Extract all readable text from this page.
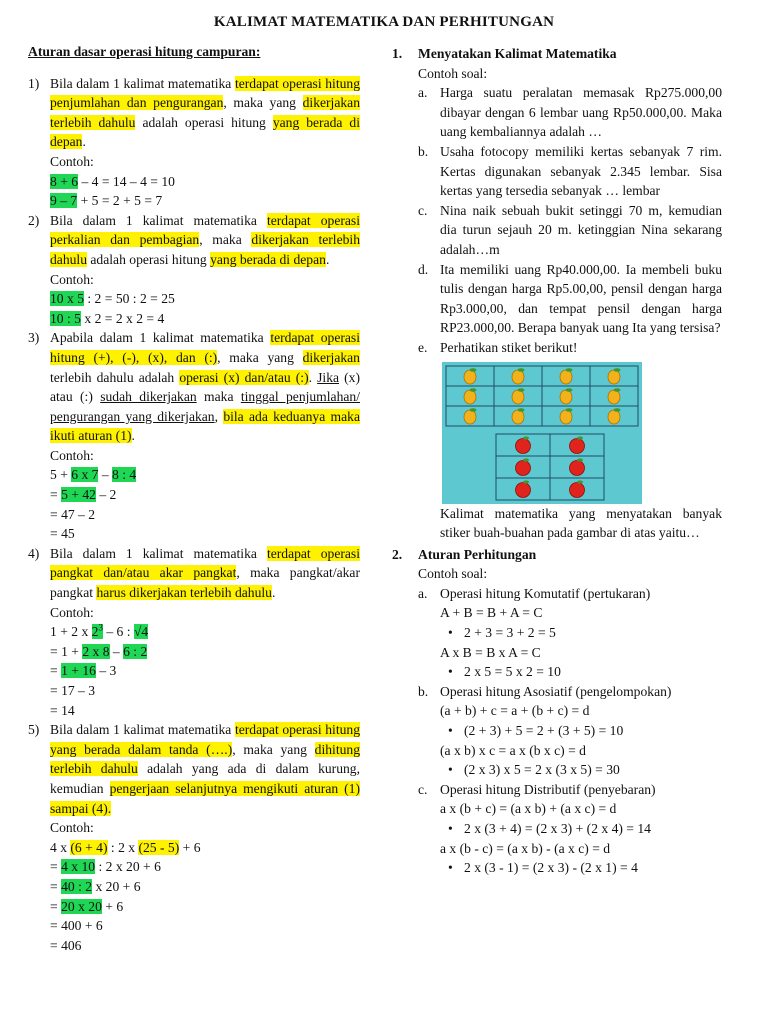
KALIMAT MATEMATIKA DAN PERHITUNGAN

Aturan dasar operasi hitung campuran:

1) Bila dalam 1 kalimat matematika terdapat operasi hitung penjumlahan dan pengurangan, maka yang dikerjakan terlebih dahulu adalah operasi hitung yang berada di depan.

Contoh:

8 + 6 – 4 = 14 – 4 = 10

9 – 7 + 5 = 2 + 5 = 7

2) Bila dalam 1 kalimat matematika terdapat operasi perkalian dan pembagian, maka dikerjakan terlebih dahulu adalah operasi hitung yang berada di depan.

Contoh:

10 x 5 : 2 = 50 : 2 = 25

10 : 5 x 2 = 2 x 2 = 4

3) Apabila dalam 1 kalimat matematika terdapat operasi hitung (+), (-), (x), dan (:), maka yang dikerjakan terlebih dahulu adalah operasi (x) dan/atau (:). Jika (x) atau (:) sudah dikerjakan maka tinggal penjumlahan/ pengurangan yang dikerjakan, bila ada keduanya maka ikuti aturan (1).

Contoh:

5 + 6 x 7 – 8 : 4

= 5 + 42 – 2

= 47 – 2

= 45

4) Bila dalam 1 kalimat matematika terdapat operasi pangkat dan/atau akar pangkat, maka pangkat/akar pangkat harus dikerjakan terlebih dahulu.

Contoh:

1 + 2 x $2^3 - 6$ : √4

= 1 + 2 x 8 – 6 : 2

= 1 + 16 – 3

= 17 – 3

= 14

5) Bila dalam 1 kalimat matematika terdapat operasi hitung yang berada dalam tanda (….), maka yang dihitung terlebih dahulu adalah yang ada di dalam kurung, kemudian pengerjaan selanjutnya mengikuti aturan (1) sampai (4).

Contoh:

4 x (6 + 4) : 2 x (25 - 5) + 6

= 4 x 10 : 2 x 20 + 6

= 40 : 2 x 20 + 6

= 20 x 20 + 6

= 400 + 6

= 406

1. Menyatakan Kalimat Matematika

Contoh soal:

a. Harga suatu peralatan memasak Rp275.000,00 dibayar dengan 6 lembar uang Rp50.000,00. Maka uang kembaliannya adalah …

b. Usaha fotocopy memiliki kertas sebanyak 7 rim. Kertas digunakan sebanyak 2.345 lembar. Sisa kertas yang tersedia sebanyak … lembar

c. Nina naik sebuah bukit setinggi 70 m, kemudian dia turun sejauh 20 m. ketinggian Nina sekarang adalah…m

d. Ita memiliki uang Rp40.000,00. Ia membeli buku tulis dengan harga Rp5.00,00, pensil dengan harga Rp3.000,00, dan tempat pensil dengan harga RP23.000,00. Berapa banyak uang Ita yang tersisa?

e. Perhatikan stiket berikut!

Kalimat matematika yang menyatakan banyak stiker buah-buahan pada gambar di atas yaitu…

2. Aturan Perhitungan

Contoh soal:

a. Operasi hitung Komutatif (pertukaran)

A + B = B + A = C

• 2 + 3 = 3 + 2 = 5

A x B = B x A = C

• 2 x 5 = 5 x 2 = 10
b. Operasi hitung Asosiatif (pengelompokan)

(a + b) + c = a + (b + c) = d

• (2 + 3) + 5 = 2 + (3 + 5) = 10

(a x b) x c = a x (b x c) = d

• (2 x 3) x 5 = 2 x (3 x 5) = 30
c. Operasi hitung Distributif (penyebaran)

a x (b + c) = (a x b) + (a x c) = d

• 2 x (3 + 4) = (2 x 3) + (2 x 4) = 14

a x (b - c) = (a x b) - (a x c) = d

• 2 x (3 - 1) = (2 x 3) - (2 x 1) = 4
